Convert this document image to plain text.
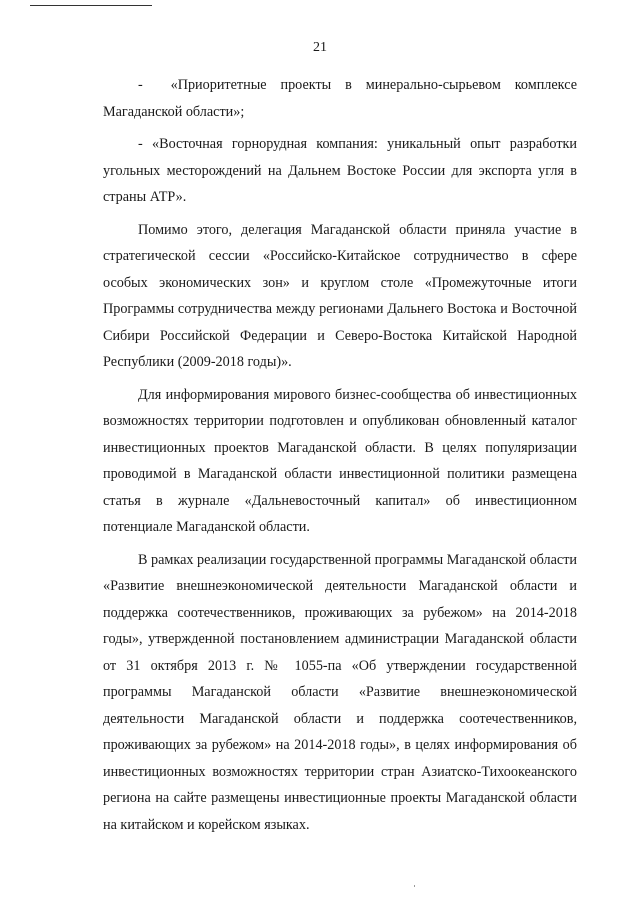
21

-  «Приоритетные проекты в минерально-сырьевом комплексе Магаданской области»;

- «Восточная горнорудная компания: уникальный опыт разработки угольных месторождений на Дальнем Востоке России для экспорта угля в страны АТР».

Помимо этого, делегация Магаданской области приняла участие в стратегической сессии «Российско-Китайское сотрудничество в сфере особых экономических зон» и круглом столе «Промежуточные итоги Программы сотрудничества между регионами Дальнего Востока и Восточной Сибири Российской Федерации и Северо-Востока Китайской Народной Республики (2009-2018 годы)».

Для информирования мирового бизнес-сообщества об инвестиционных возможностях территории подготовлен и опубликован обновленный каталог инвестиционных проектов Магаданской области. В целях популяризации проводимой в Магаданской области инвестиционной политики размещена статья в журнале «Дальневосточный капитал» об инвестиционном потенциале Магаданской области.

В рамках реализации государственной программы Магаданской области «Развитие внешнеэкономической деятельности Магаданской области и поддержка соотечественников, проживающих за рубежом» на 2014-2018 годы», утвержденной постановлением администрации Магаданской области от 31 октября 2013 г. № 1055-па «Об утверждении государственной программы Магаданской области «Развитие внешнеэкономической деятельности Магаданской области и поддержка соотечественников, проживающих за рубежом» на 2014-2018 годы», в целях информирования об инвестиционных возможностях территории стран Азиатско-Тихоокеанского региона на сайте размещены инвестиционные проекты Магаданской области на китайском и корейском языках.
